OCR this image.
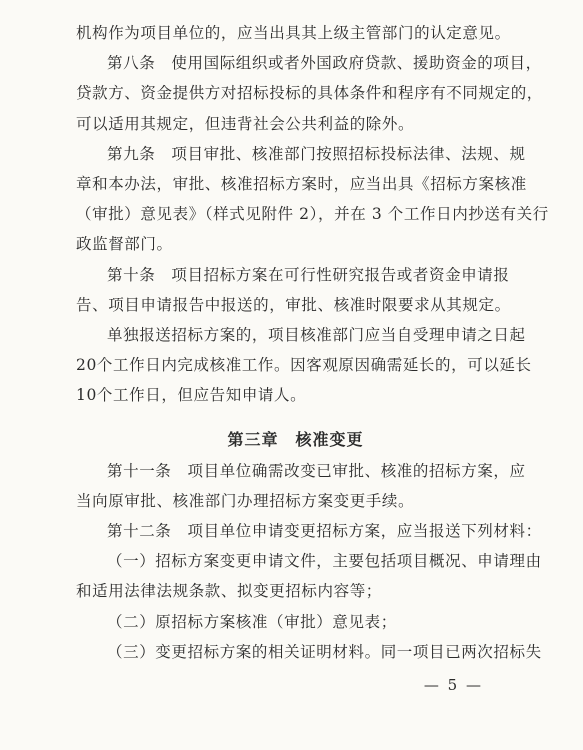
机构作为项目单位的，应当出具其上级主管部门的认定意见。
第八条　使用国际组织或者外国政府贷款、援助资金的项目，
贷款方、资金提供方对招标投标的具体条件和程序有不同规定的，
可以适用其规定，但违背社会公共利益的除外。
第九条　项目审批、核准部门按照招标投标法律、法规、规
章和本办法，审批、核准招标方案时，应当出具《招标方案核准
（审批）意见表》（样式见附件 2），并在 3 个工作日内抄送有关行
政监督部门。
第十条　项目招标方案在可行性研究报告或者资金申请报
告、项目申请报告中报送的，审批、核准时限要求从其规定。
单独报送招标方案的，项目核准部门应当自受理申请之日起
20个工作日内完成核准工作。因客观原因确需延长的，可以延长
10个工作日，但应告知申请人。
第三章　核准变更
第十一条　项目单位确需改变已审批、核准的招标方案，应
当向原审批、核准部门办理招标方案变更手续。
第十二条　项目单位申请变更招标方案，应当报送下列材料：
（一）招标方案变更申请文件，主要包括项目概况、申请理由
和适用法律法规条款、拟变更招标内容等；
（二）原招标方案核准（审批）意见表；
（三）变更招标方案的相关证明材料。同一项目已两次招标失
— 5 —
